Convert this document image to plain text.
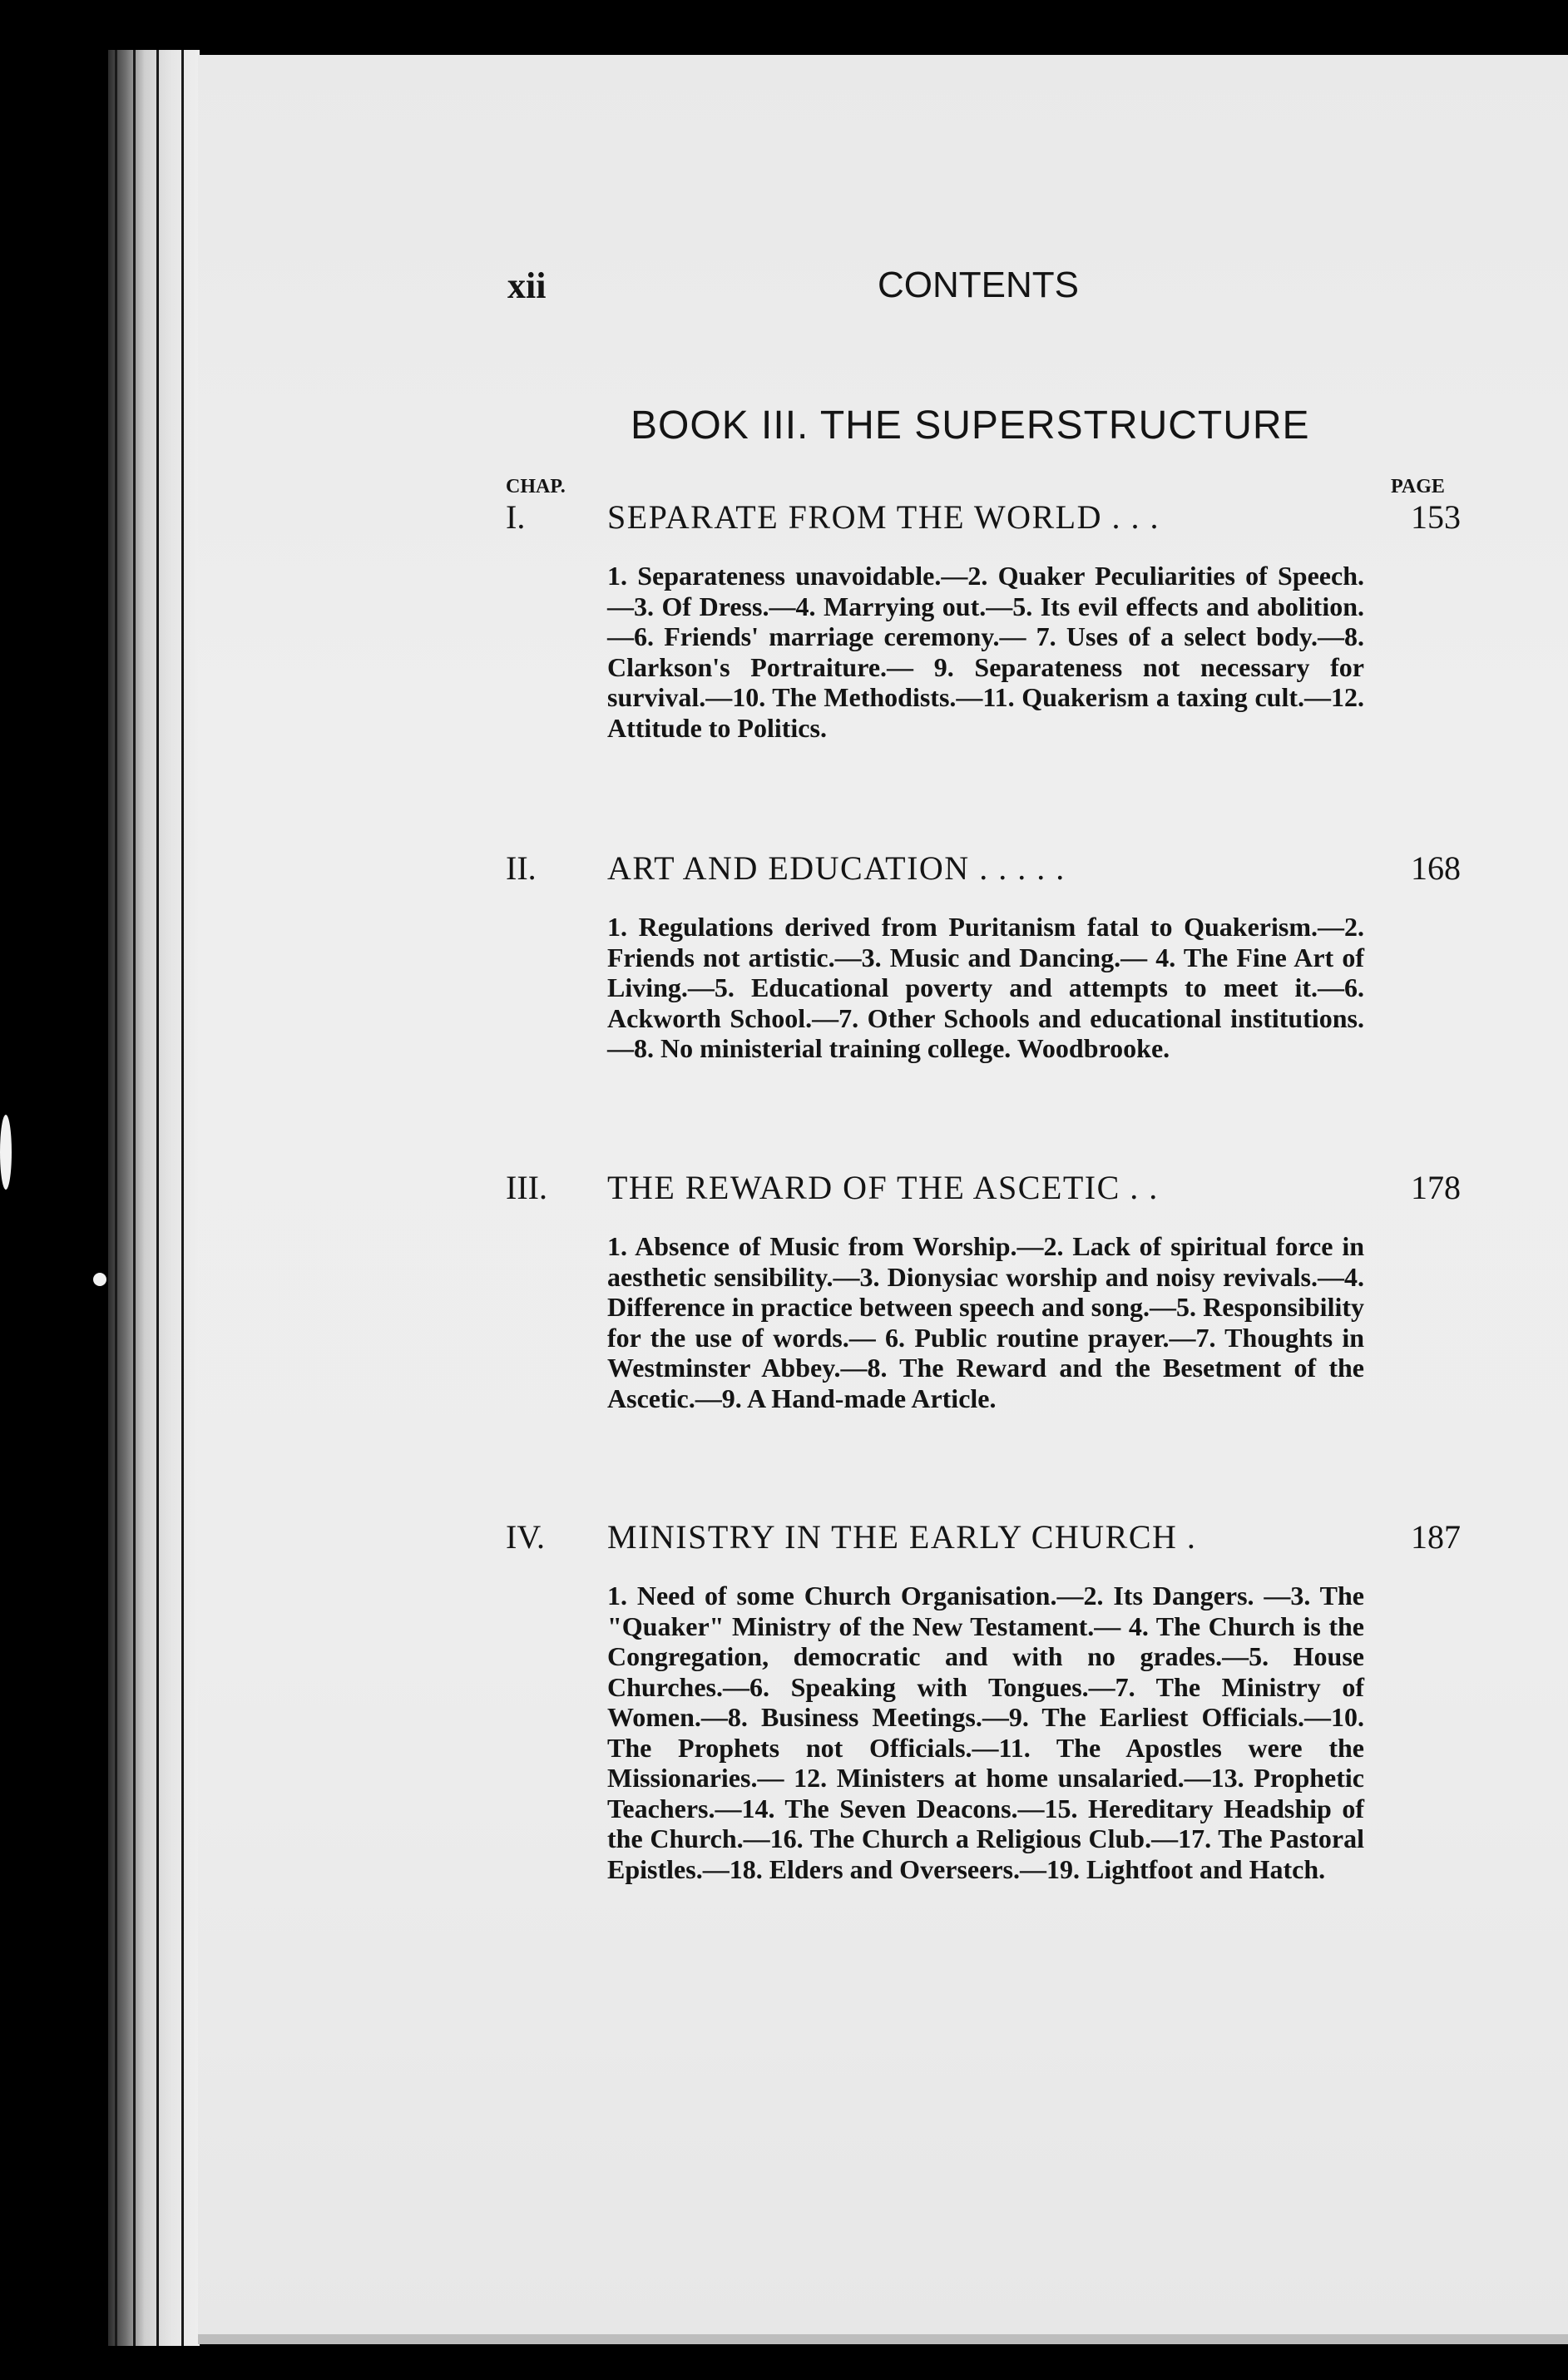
xii	CONTENTS
BOOK III. THE SUPERSTRUCTURE
CHAP.	PAGE
I. SEPARATE FROM THE WORLD . . .	153
1. Separateness unavoidable.—2. Quaker Peculiarities of Speech.—3. Of Dress.—4. Marrying out.—5. Its evil effects and abolition.—6. Friends' marriage ceremony.— 7. Uses of a select body.—8. Clarkson's Portraiture.— 9. Separateness not necessary for survival.—10. The Methodists.—11. Quakerism a taxing cult.—12. Attitude to Politics.
II. ART AND EDUCATION . . . . .	168
1. Regulations derived from Puritanism fatal to Quakerism.—2. Friends not artistic.—3. Music and Dancing.— 4. The Fine Art of Living.—5. Educational poverty and attempts to meet it.—6. Ackworth School.—7. Other Schools and educational institutions.—8. No ministerial training college. Woodbrooke.
III. THE REWARD OF THE ASCETIC . .	178
1. Absence of Music from Worship.—2. Lack of spiritual force in aesthetic sensibility.—3. Dionysiac worship and noisy revivals.—4. Difference in practice between speech and song.—5. Responsibility for the use of words.— 6. Public routine prayer.—7. Thoughts in Westminster Abbey.—8. The Reward and the Besetment of the Ascetic.—9. A Hand-made Article.
IV. MINISTRY IN THE EARLY CHURCH .	187
1. Need of some Church Organisation.—2. Its Dangers. —3. The "Quaker" Ministry of the New Testament.— 4. The Church is the Congregation, democratic and with no grades.—5. House Churches.—6. Speaking with Tongues.—7. The Ministry of Women.—8. Business Meetings.—9. The Earliest Officials.—10. The Prophets not Officials.—11. The Apostles were the Missionaries.— 12. Ministers at home unsalaried.—13. Prophetic Teachers.—14. The Seven Deacons.—15. Hereditary Headship of the Church.—16. The Church a Religious Club.—17. The Pastoral Epistles.—18. Elders and Overseers.—19. Lightfoot and Hatch.
